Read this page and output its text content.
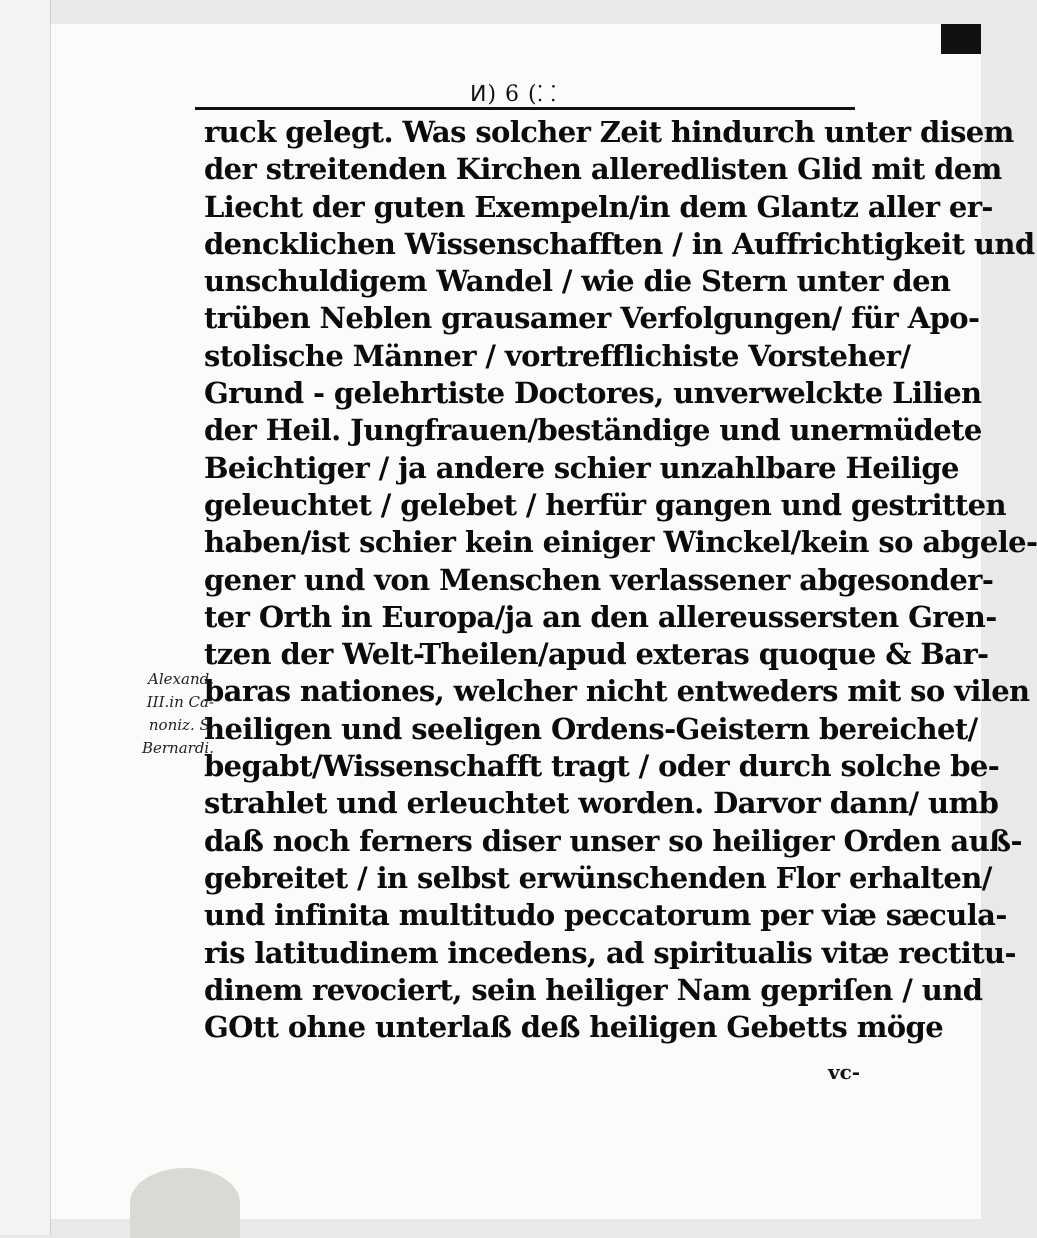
ⵍ) 6 (⸬
ruck gelegt. Was solcher Zeit hindurch unter disem
der streitenden Kirchen alleredlisten Glid mit dem
Liecht der guten Exempeln/in dem Glantz aller er-
dencklichen Wissenschafften / in Auffrichtigkeit und
unschuldigem Wandel / wie die Stern unter den
trüben Neblen grausamer Verfolgungen/ für Apo-
stolische Männer / vortrefflichiste Vorsteher/
Grund - gelehrtiste Doctores, unverwelckte Lilien
der Heil. Jungfrauen/beständige und unermüdete
Beichtiger / ja andere schier unzahlbare Heilige
geleuchtet / gelebet / herfür gangen und gestritten
haben/ist schier kein einiger Winckel/kein so abgele-
gener und von Menschen verlassener abgesonder-
ter Orth in Europa/ja an den allereussersten Gren-
tzen der Welt-Theilen/apud exteras quoque & Bar-
baras nationes, welcher nicht entweders mit so vilen
heiligen und seeligen Ordens-Geistern bereichet/
begabt/Wissenschafft tragt / oder durch solche be-
strahlet und erleuchtet worden. Darvor dann/ umb
daß noch ferners diser unser so heiliger Orden auß-
gebreitet / in selbst erwünschenden Flor erhalten/
und infinita multitudo peccatorum per viæ sæcula-
ris latitudinem incedens, ad spiritualis vitæ rectitu-
dinem revociert, sein heiliger Nam gepriſen / und
GOtt ohne unterlaß deß heiligen Gebetts möge
Alexand.
III.in Ca-
noniz. S.
Bernardi.
vc-
